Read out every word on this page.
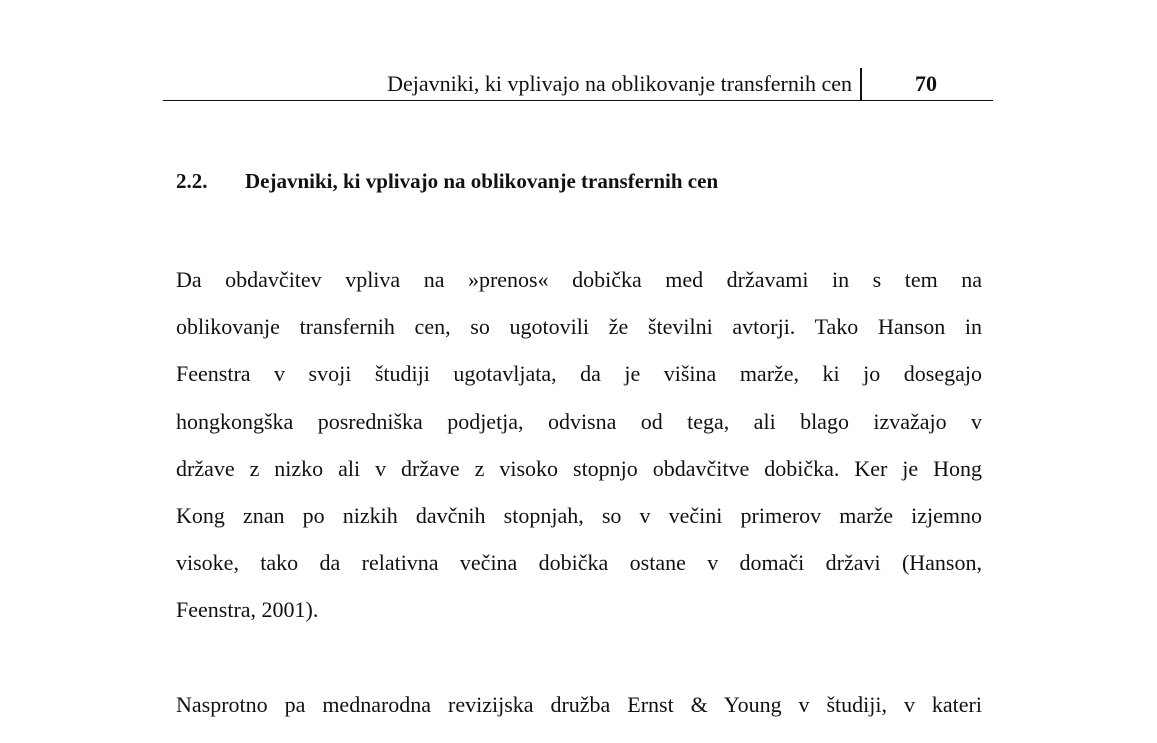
Dejavniki, ki vplivajo na oblikovanje transfernih cen	70
2.2. Dejavniki, ki vplivajo na oblikovanje transfernih cen
Da obdavčitev vpliva na »prenos« dobička med državami in s tem na
oblikovanje transfernih cen, so ugotovili že številni avtorji. Tako Hanson in
Feenstra v svoji študiji ugotavljata, da je višina marže, ki jo dosegajo
hongkongška posredniška podjetja, odvisna od tega, ali blago izvažajo v
države z nizko ali v države z visoko stopnjo obdavčitve dobička. Ker je Hong
Kong znan po nizkih davčnih stopnjah, so v večini primerov marže izjemno
visoke, tako da relativna večina dobička ostane v domači državi (Hanson,
Feenstra, 2001).
Nasprotno pa mednarodna revizijska družba Ernst & Young v študiji, v kateri
